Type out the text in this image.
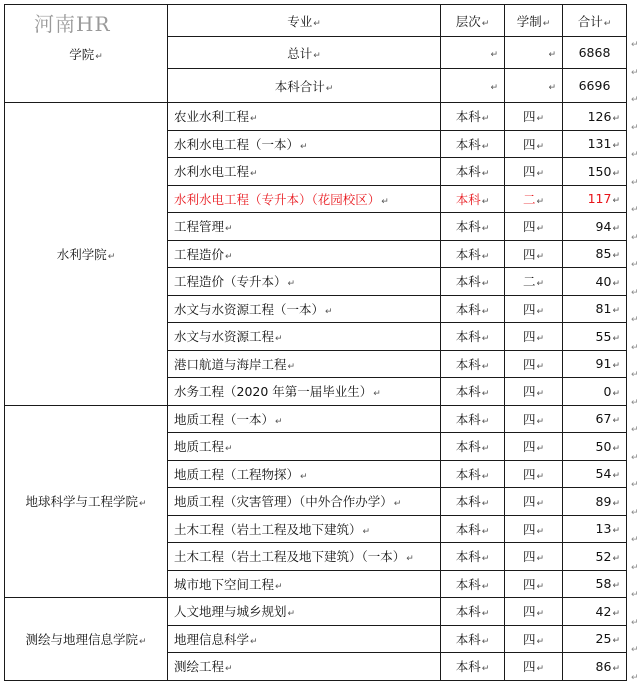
河南HR
学院 ↵	专业 ↵	层次 ↵	学制 ↵	合计 ↵
	总计 ↵	↵	↵	6868
	本科合计 ↵	↵	↵	6696
水利学院 ↵	农业水利工程 ↵	本科 ↵	四 ↵	126 ↵
	水利水电工程（一本） ↵	本科 ↵	四 ↵	131 ↵
	水利水电工程 ↵	本科 ↵	四 ↵	150 ↵
	水利水电工程（专升本）（花园校区） ↵	本科 ↵	二 ↵	117 ↵
	工程管理 ↵	本科 ↵	四 ↵	94 ↵
	工程造价 ↵	本科 ↵	四 ↵	85 ↵
	工程造价（专升本） ↵	本科 ↵	二 ↵	40 ↵
	水文与水资源工程（一本） ↵	本科 ↵	四 ↵	81 ↵
	水文与水资源工程 ↵	本科 ↵	四 ↵	55 ↵
	港口航道与海岸工程 ↵	本科 ↵	四 ↵	91 ↵
	水务工程（2020 年第一届毕业生） ↵	本科 ↵	四 ↵	0 ↵
地球科学与工程学院 ↵	地质工程（一本） ↵	本科 ↵	四 ↵	67 ↵
	地质工程 ↵	本科 ↵	四 ↵	50 ↵
	地质工程（工程物探） ↵	本科 ↵	四 ↵	54 ↵
	地质工程（灾害管理）（中外合作办学） ↵	本科 ↵	四 ↵	89 ↵
	土木工程（岩土工程及地下建筑） ↵	本科 ↵	四 ↵	13 ↵
	土木工程（岩土工程及地下建筑）（一本） ↵	本科 ↵	四 ↵	52 ↵
	城市地下空间工程 ↵	本科 ↵	四 ↵	58 ↵
测绘与地理信息学院 ↵	人文地理与城乡规划 ↵	本科 ↵	四 ↵	42 ↵
	地理信息科学 ↵	本科 ↵	四 ↵	25 ↵
	测绘工程 ↵	本科 ↵	四 ↵	86 ↵
↵
↵
↵
↵
↵
↵
↵
↵
↵
↵
↵
↵
↵
↵
↵
↵
↵
↵
↵
↵
↵
↵
↵
↵
